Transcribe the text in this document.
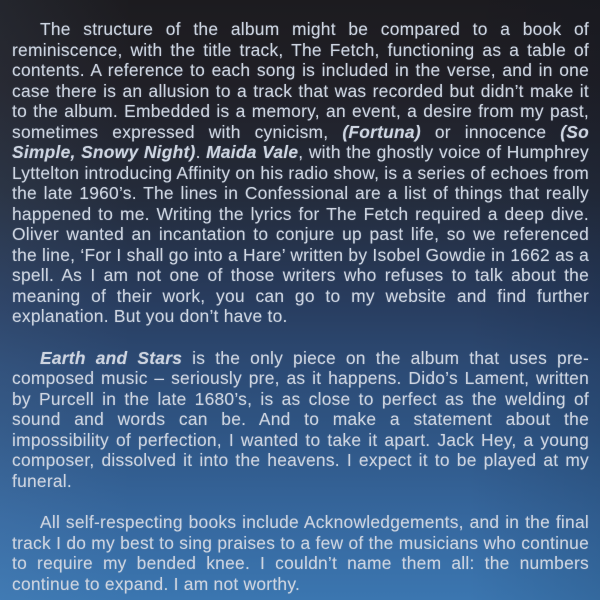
The structure of the album might be compared to a book of reminiscence, with the title track, The Fetch, functioning as a table of contents. A reference to each song is included in the verse, and in one case there is an allusion to a track that was recorded but didn’t make it to the album. Embedded is a memory, an event, a desire from my past, sometimes expressed with cynicism, (Fortuna) or innocence (So Simple, Snowy Night). Maida Vale, with the ghostly voice of Humphrey Lyttelton introducing Affinity on his radio show, is a series of echoes from the late 1960’s. The lines in Confessional are a list of things that really happened to me. Writing the lyrics for The Fetch required a deep dive. Oliver wanted an incantation to conjure up past life, so we referenced the line, ‘For I shall go into a Hare’ written by Isobel Gowdie in 1662 as a spell. As I am not one of those writers who refuses to talk about the meaning of their work, you can go to my website and find further explanation. But you don’t have to.

Earth and Stars is the only piece on the album that uses pre-composed music – seriously pre, as it happens. Dido’s Lament, written by Purcell in the late 1680’s, is as close to perfect as the welding of sound and words can be. And to make a statement about the impossibility of perfection, I wanted to take it apart. Jack Hey, a young composer, dissolved it into the heavens. I expect it to be played at my funeral.

All self-respecting books include Acknowledgements, and in the final track I do my best to sing praises to a few of the musicians who continue to require my bended knee. I couldn’t name them all: the numbers continue to expand. I am not worthy.
